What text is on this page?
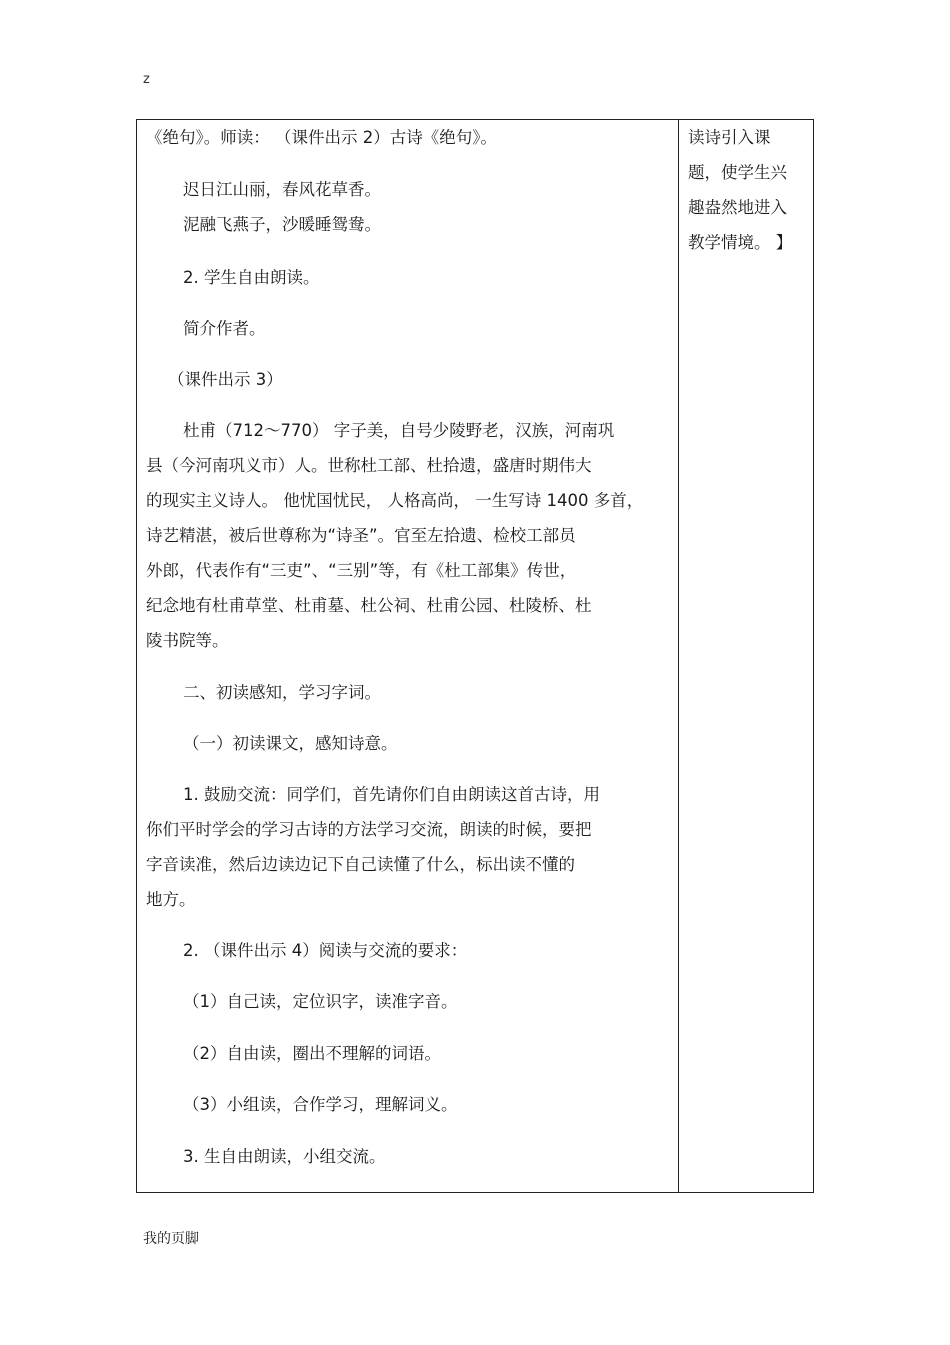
z
《绝句》。师读： （课件出示 2）古诗《绝句》。
迟日江山丽，春风花草香。
泥融飞燕子，沙暖睡鸳鸯。
2. 学生自由朗读。
简介作者。
（课件出示 3）
杜甫（712～770） 字子美，自号少陵野老，汉族，河南巩
县（今河南巩义市）人。世称杜工部、杜拾遗，盛唐时期伟大
的现实主义诗人。 他忧国忧民， 人格高尚， 一生写诗 1400 多首，
诗艺精湛，被后世尊称为“诗圣”。官至左拾遗、检校工部员
外郎，代表作有“三吏”、“三别”等，有《杜工部集》传世，
纪念地有杜甫草堂、杜甫墓、杜公祠、杜甫公园、杜陵桥、杜
陵书院等。
二、初读感知，学习字词。
（一）初读课文，感知诗意。
1. 鼓励交流：同学们，首先请你们自由朗读这首古诗，用
你们平时学会的学习古诗的方法学习交流，朗读的时候，要把
字音读准，然后边读边记下自己读懂了什么，标出读不懂的
地方。
2. （课件出示 4）阅读与交流的要求：
（1）自己读，定位识字，读准字音。
（2）自由读，圈出不理解的词语。
（3）小组读，合作学习，理解词义。
3. 生自由朗读，小组交流。
读诗引入课
题，使学生兴
趣盎然地进入
教学情境。 】
我的页脚
